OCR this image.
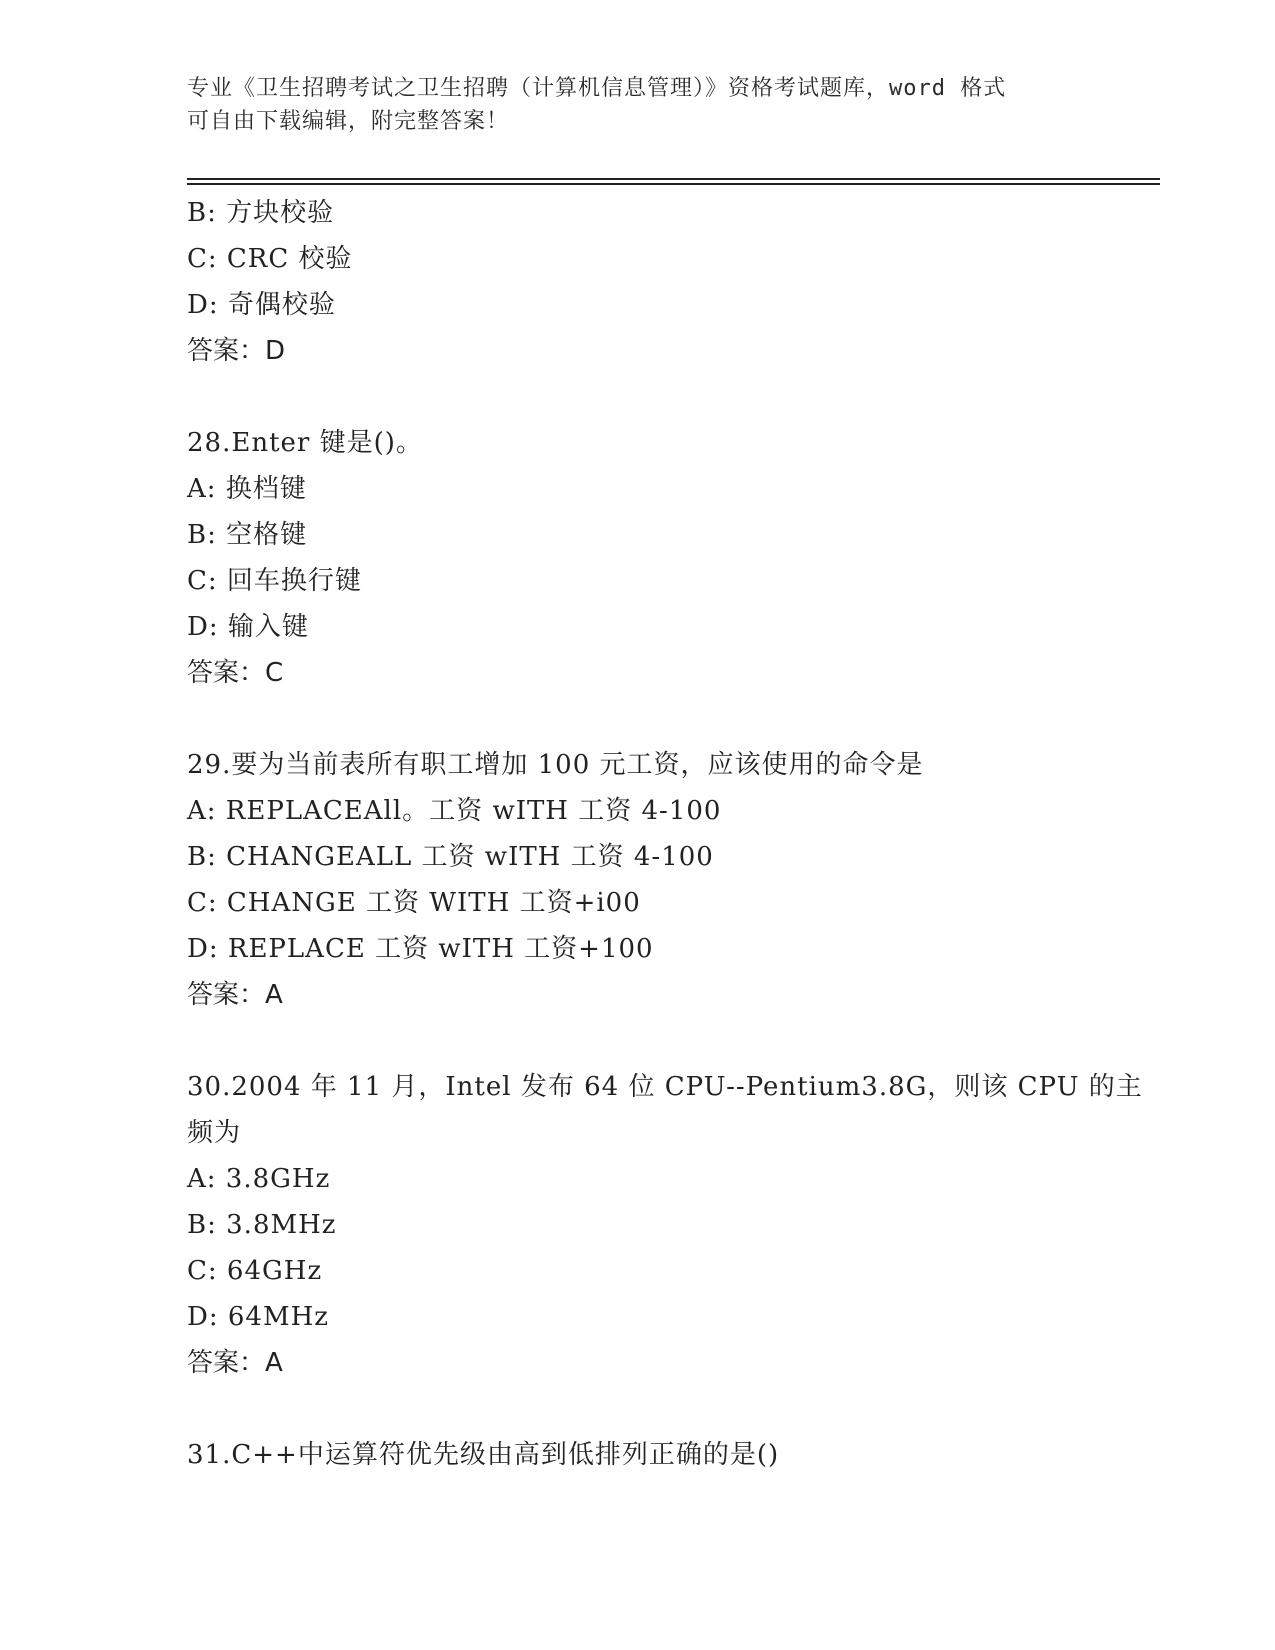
专业《卫生招聘考试之卫生招聘（计算机信息管理）》资格考试题库，word 格式
可自由下载编辑，附完整答案！
B: 方块校验
C: CRC 校验
D: 奇偶校验
答案：D
28.Enter 键是()。
A: 换档键
B: 空格键
C: 回车换行键
D: 输入键
答案：C
29.要为当前表所有职工增加 100 元工资，应该使用的命令是
A: REPLACEAll。工资 wITH 工资 4-100
B: CHANGEALL 工资 wITH 工资 4-100
C: CHANGE 工资 WITH 工资+i00
D: REPLACE 工资 wITH 工资+100
答案：A
30.2004 年 11 月，Intel 发布 64 位 CPU--Pentium3.8G，则该 CPU 的主
频为
A: 3.8GHz
B: 3.8MHz
C: 64GHz
D: 64MHz
答案：A
31.C++中运算符优先级由高到低排列正确的是()
